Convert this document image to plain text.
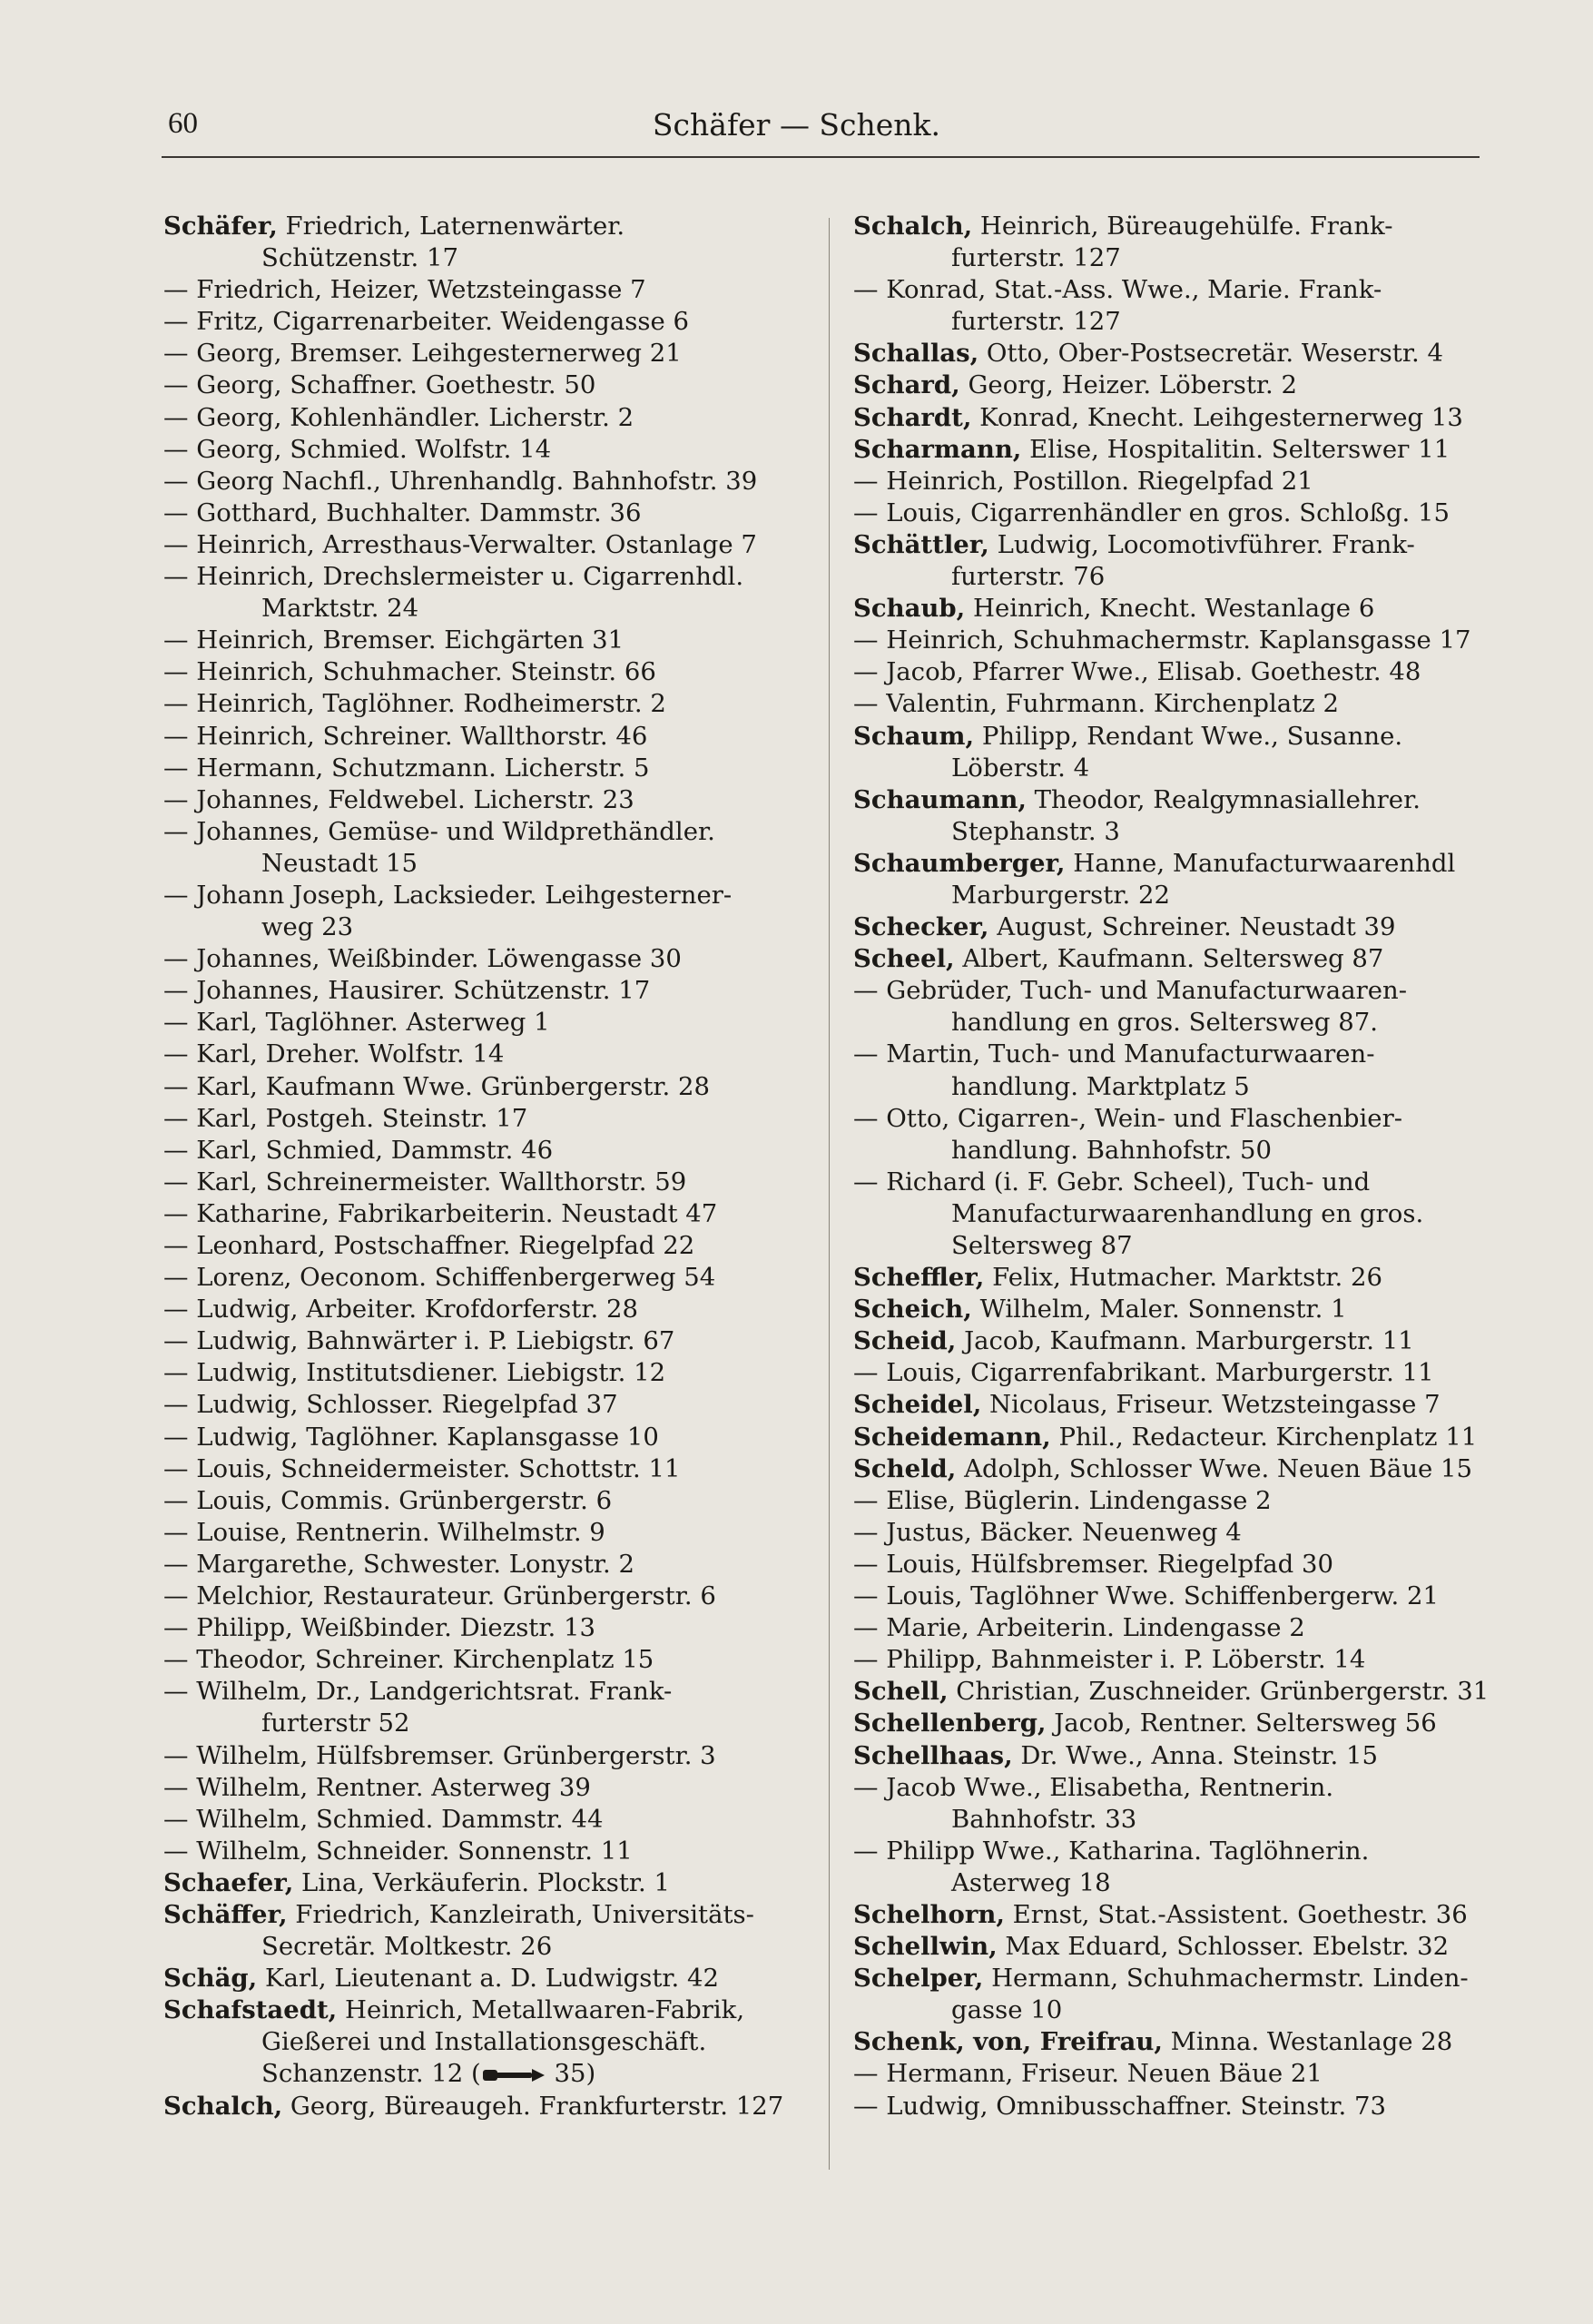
60	Schäfer — Schenk.

Schäfer, Friedrich, Laternenwärter.

Schützenstr. 17

— Friedrich, Heizer, Wetzsteingasse 7

— Fritz, Cigarrenarbeiter. Weidengasse 6

— Georg, Bremser. Leihgesternerweg 21

— Georg, Schaffner. Goethestr. 50

— Georg, Kohlenhändler. Licherstr. 2

— Georg, Schmied. Wolfstr. 14

— Georg Nachfl., Uhrenhandlg. Bahnhofstr. 39

— Gotthard, Buchhalter. Dammstr. 36

— Heinrich, Arresthaus-Verwalter. Ostanlage 7

— Heinrich, Drechslermeister u. Cigarrenhdl.

Marktstr. 24

— Heinrich, Bremser. Eichgärten 31

— Heinrich, Schuhmacher. Steinstr. 66

— Heinrich, Taglöhner. Rodheimerstr. 2

— Heinrich, Schreiner. Wallthorstr. 46

— Hermann, Schutzmann. Licherstr. 5

— Johannes, Feldwebel. Licherstr. 23

— Johannes, Gemüse- und Wildprethändler.

Neustadt 15

— Johann Joseph, Lacksieder. Leihgesterner-

weg 23

— Johannes, Weißbinder. Löwengasse 30

— Johannes, Hausirer. Schützenstr. 17

— Karl, Taglöhner. Asterweg 1

— Karl, Dreher. Wolfstr. 14

— Karl, Kaufmann Wwe. Grünbergerstr. 28

— Karl, Postgeh. Steinstr. 17

— Karl, Schmied, Dammstr. 46

— Karl, Schreinermeister. Wallthorstr. 59

— Katharine, Fabrikarbeiterin. Neustadt 47

— Leonhard, Postschaffner. Riegelpfad 22

— Lorenz, Oeconom. Schiffenbergerweg 54

— Ludwig, Arbeiter. Krofdorferstr. 28

— Ludwig, Bahnwärter i. P. Liebigstr. 67

— Ludwig, Institutsdiener. Liebigstr. 12

— Ludwig, Schlosser. Riegelpfad 37

— Ludwig, Taglöhner. Kaplansgasse 10

— Louis, Schneidermeister. Schottstr. 11

— Louis, Commis. Grünbergerstr. 6

— Louise, Rentnerin. Wilhelmstr. 9

— Margarethe, Schwester. Lonystr. 2

— Melchior, Restaurateur. Grünbergerstr. 6

— Philipp, Weißbinder. Diezstr. 13

— Theodor, Schreiner. Kirchenplatz 15

— Wilhelm, Dr., Landgerichtsrat. Frank-

furterstr 52

— Wilhelm, Hülfsbremser. Grünbergerstr. 3

— Wilhelm, Rentner. Asterweg 39

— Wilhelm, Schmied. Dammstr. 44

— Wilhelm, Schneider. Sonnenstr. 11

Schaefer, Lina, Verkäuferin. Plockstr. 1

Schäffer, Friedrich, Kanzleirath, Universitäts-

Secretär. Moltkestr. 26

Schäg, Karl, Lieutenant a. D. Ludwigstr. 42

Schafstaedt, Heinrich, Metallwaaren-Fabrik,

Gießerei und Installationsgeschäft.

Schanzenstr. 12 (	35)

Schalch, Georg, Büreaugeh. Frankfurterstr. 127

Schalch, Heinrich, Büreaugehülfe. Frank-

furterstr. 127

— Konrad, Stat.-Ass. Wwe., Marie. Frank-

furterstr. 127

Schallas, Otto, Ober-Postsecretär. Weserstr. 4

Schard, Georg, Heizer. Löberstr. 2

Schardt, Konrad, Knecht. Leihgesternerweg 13

Scharmann, Elise, Hospitalitin. Selterswег 11

— Heinrich, Postillon. Riegelpfad 21

— Louis, Cigarrenhändler en gros. Schloßg. 15

Schättler, Ludwig, Locomotivführer. Frank-

furterstr. 76

Schaub, Heinrich, Knecht. Westanlage 6

— Heinrich, Schuhmachermstr. Kaplansgasse 17

— Jacob, Pfarrer Wwe., Elisab. Goethestr. 48

— Valentin, Fuhrmann. Kirchenplatz 2

Schaum, Philipp, Rendant Wwe., Susanne.

Löberstr. 4

Schaumann, Theodor, Realgymnasiallehrer.

Stephanstr. 3

Schaumberger, Hanne, Manufacturwaarenhdl

Marburgerstr. 22

Schecker, August, Schreiner. Neustadt 39

Scheel, Albert, Kaufmann. Seltersweg 87

— Gebrüder, Tuch- und Manufacturwaaren-

handlung en gros. Selterswеg 87.

— Martin, Tuch- und Manufacturwaaren-

handlung. Marktplatz 5

— Otto, Cigarren-, Wein- und Flaschenbier-

handlung. Bahnhofstr. 50

— Richard (i. F. Gebr. Scheel), Tuch- und

Manufacturwaarenhandlung en gros.

Selterswеg 87

Scheffler, Felix, Hutmacher. Marktstr. 26

Scheich, Wilhelm, Maler. Sonnenstr. 1

Scheid, Jacob, Kaufmann. Marburgerstr. 11

— Louis, Cigarrenfabrikant. Marburgerstr. 11

Scheidel, Nicolaus, Friseur. Wetzsteingasse 7

Scheidemann, Phil., Redacteur. Kirchenplatz 11

Scheld, Adolph, Schlosser Wwe. Neuen Bäue 15

— Elise, Büglerin. Lindengasse 2

— Justus, Bäcker. Neuenweg 4

— Louis, Hülfsbremser. Riegelpfad 30

— Louis, Taglöhner Wwe. Schiffenbergerw. 21

— Marie, Arbeiterin. Lindengasse 2

— Philipp, Bahnmeister i. P. Löberstr. 14

Schell, Christian, Zuschneider. Grünbergerstr. 31

Schellenberg, Jacob, Rentner. Selterswеg 56

Schellhaas, Dr. Wwe., Anna. Steinstr. 15

— Jacob Wwe., Elisabetha, Rentnerin.

Bahnhofstr. 33

— Philipp Wwe., Katharina. Taglöhnerin.

Asterweg 18

Schelhorn, Ernst, Stat.-Assistent. Goethestr. 36

Schellwin, Max Eduard, Schlosser. Ebelstr. 32

Schelper, Hermann, Schuhmachermstr. Linden-

gasse 10

Schenk, von, Freifrau, Minna. Westanlage 28

— Hermann, Friseur. Neuen Bäue 21

— Ludwig, Omnibusschaffner. Steinstr. 73
